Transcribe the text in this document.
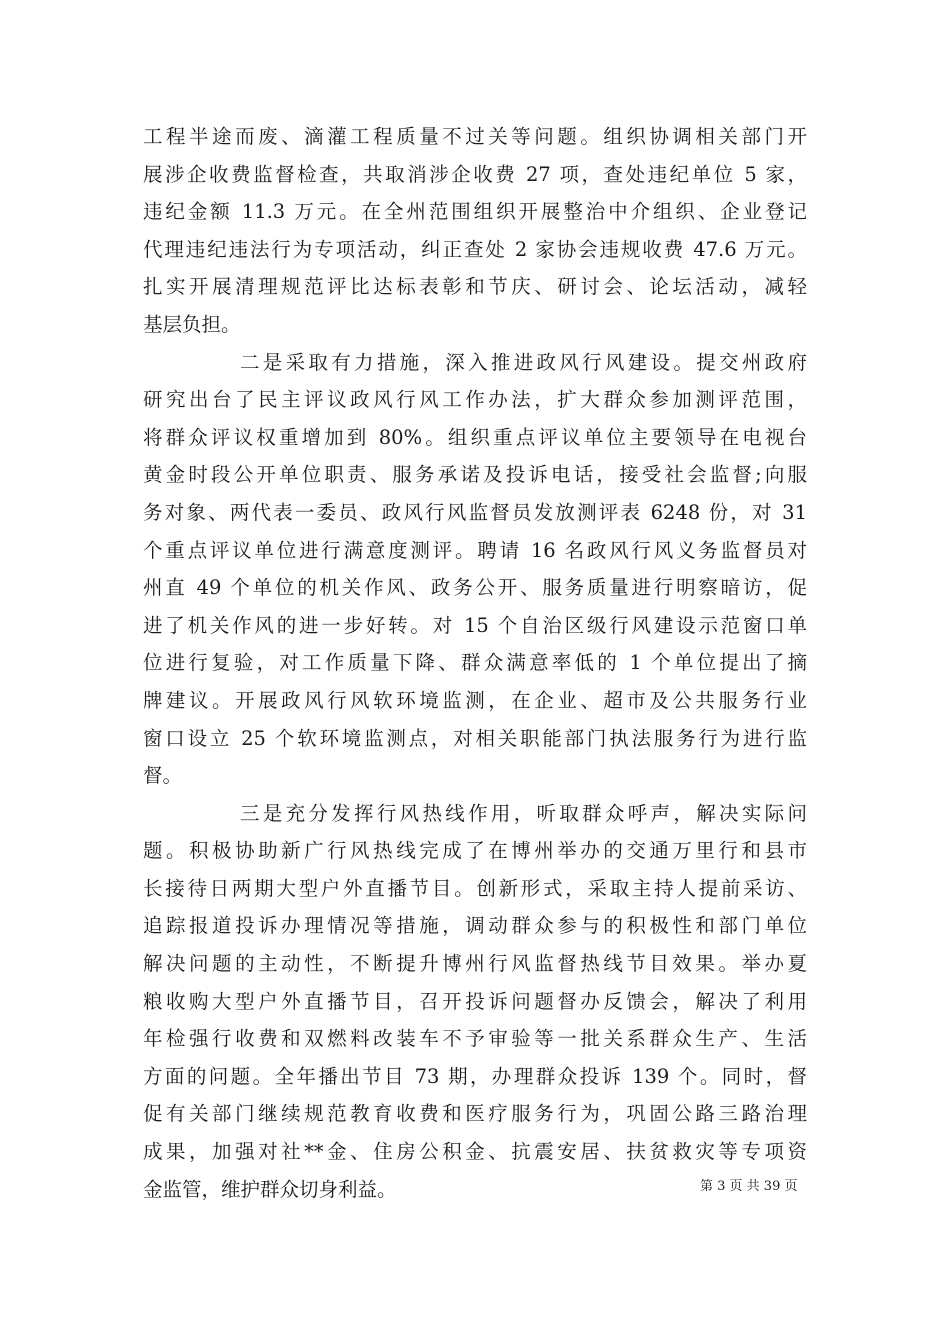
工程半途而废、滴灌工程质量不过关等问题。组织协调相关部门开
展涉企收费监督检查，共取消涉企收费 27 项，查处违纪单位 5 家，
违纪金额 11.3 万元。在全州范围组织开展整治中介组织、企业登记
代理违纪违法行为专项活动，纠正查处 2 家协会违规收费 47.6 万元。
扎实开展清理规范评比达标表彰和节庆、研讨会、论坛活动，减轻
基层负担。
二是采取有力措施，深入推进政风行风建设。提交州政府
研究出台了民主评议政风行风工作办法，扩大群众参加测评范围，
将群众评议权重增加到 80%。组织重点评议单位主要领导在电视台
黄金时段公开单位职责、服务承诺及投诉电话，接受社会监督;向服
务对象、两代表一委员、政风行风监督员发放测评表 6248 份，对 31
个重点评议单位进行满意度测评。聘请 16 名政风行风义务监督员对
州直 49 个单位的机关作风、政务公开、服务质量进行明察暗访，促
进了机关作风的进一步好转。对 15 个自治区级行风建设示范窗口单
位进行复验，对工作质量下降、群众满意率低的 1 个单位提出了摘
牌建议。开展政风行风软环境监测，在企业、超市及公共服务行业
窗口设立 25 个软环境监测点，对相关职能部门执法服务行为进行监
督。
三是充分发挥行风热线作用，听取群众呼声，解决实际问
题。积极协助新广行风热线完成了在博州举办的交通万里行和县市
长接待日两期大型户外直播节目。创新形式，采取主持人提前采访、
追踪报道投诉办理情况等措施，调动群众参与的积极性和部门单位
解决问题的主动性，不断提升博州行风监督热线节目效果。举办夏
粮收购大型户外直播节目，召开投诉问题督办反馈会，解决了利用
年检强行收费和双燃料改装车不予审验等一批关系群众生产、生活
方面的问题。全年播出节目 73 期，办理群众投诉 139 个。同时，督
促有关部门继续规范教育收费和医疗服务行为，巩固公路三路治理
成果，加强对社**金、住房公积金、抗震安居、扶贫救灾等专项资
金监管，维护群众切身利益。	第 3 页 共 39 页
